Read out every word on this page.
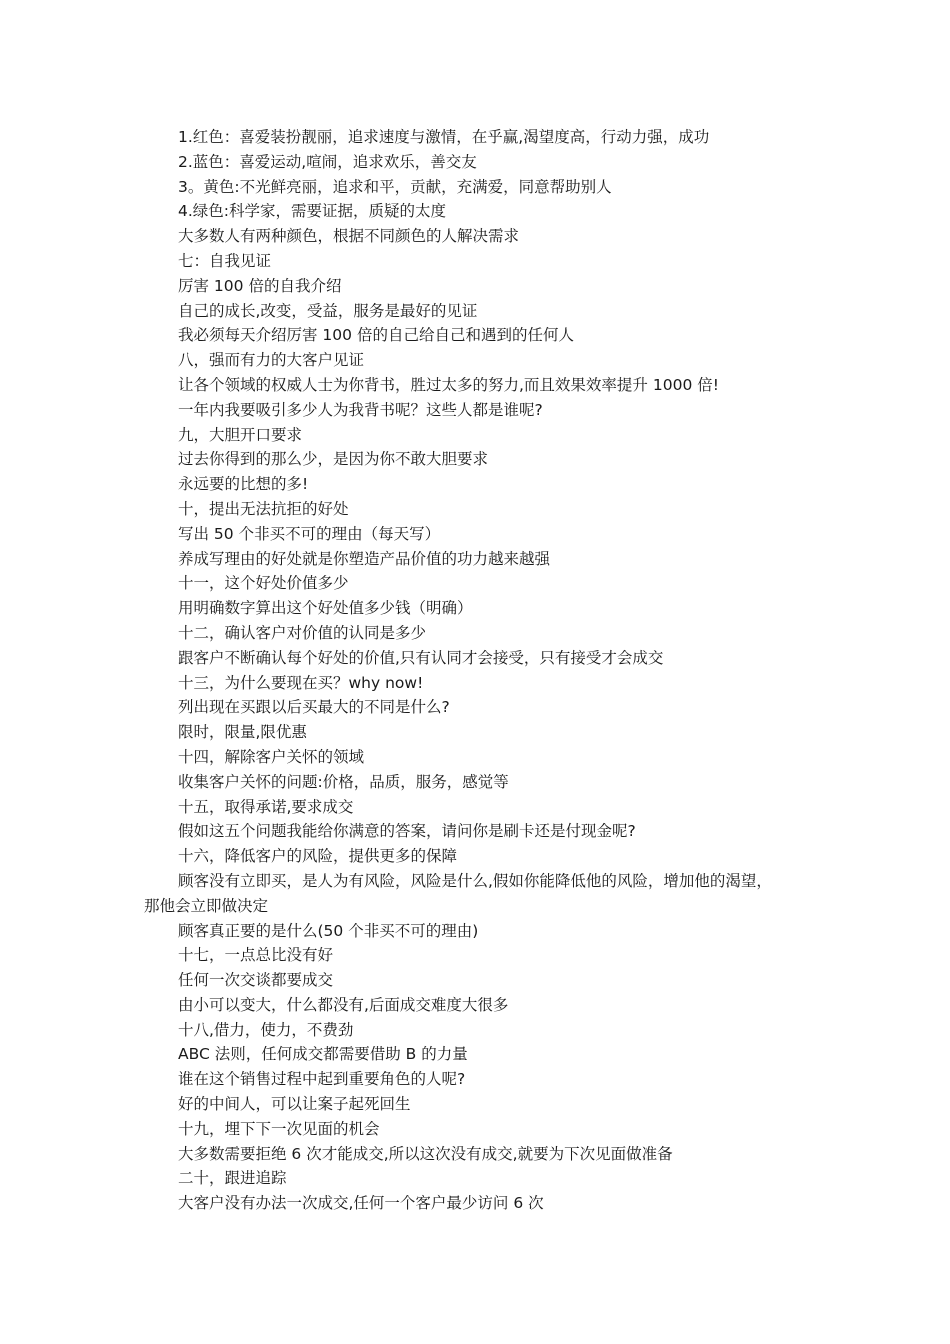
1.红色：喜爱装扮靓丽，追求速度与激情，在乎赢,渴望度高，行动力强，成功
2.蓝色：喜爱运动,喧闹，追求欢乐，善交友
3。黄色:不光鲜亮丽，追求和平，贡献，充满爱，同意帮助别人
4.绿色:科学家，需要证据，质疑的太度
大多数人有两种颜色，根据不同颜色的人解决需求
七：自我见证
厉害 100 倍的自我介绍
自己的成长,改变，受益，服务是最好的见证
我必须每天介绍厉害 100 倍的自己给自己和遇到的任何人
八，强而有力的大客户见证
让各个领域的权威人士为你背书，胜过太多的努力,而且效果效率提升 1000 倍!
一年内我要吸引多少人为我背书呢？这些人都是谁呢?
九，大胆开口要求
过去你得到的那么少，是因为你不敢大胆要求
永远要的比想的多!
十，提出无法抗拒的好处
写出 50 个非买不可的理由（每天写）
养成写理由的好处就是你塑造产品价值的功力越来越强
十一，这个好处价值多少
用明确数字算出这个好处值多少钱（明确）
十二，确认客户对价值的认同是多少
跟客户不断确认每个好处的价值,只有认同才会接受，只有接受才会成交
十三，为什么要现在买？why now!
列出现在买跟以后买最大的不同是什么?
限时，限量,限优惠
十四，解除客户关怀的领域
收集客户关怀的问题:价格，品质，服务，感觉等
十五，取得承诺,要求成交
假如这五个问题我能给你满意的答案，请问你是刷卡还是付现金呢?
十六，降低客户的风险，提供更多的保障
顾客没有立即买，是人为有风险，风险是什么,假如你能降低他的风险，增加他的渴望，
那他会立即做决定
顾客真正要的是什么(50 个非买不可的理由)
十七，一点总比没有好
任何一次交谈都要成交
由小可以变大，什么都没有,后面成交难度大很多
十八,借力，使力，不费劲
ABC 法则，任何成交都需要借助 B 的力量
谁在这个销售过程中起到重要角色的人呢?
好的中间人，可以让案子起死回生
十九，埋下下一次见面的机会
大多数需要拒绝 6 次才能成交,所以这次没有成交,就要为下次见面做准备
二十，跟进追踪
大客户没有办法一次成交,任何一个客户最少访问 6 次
